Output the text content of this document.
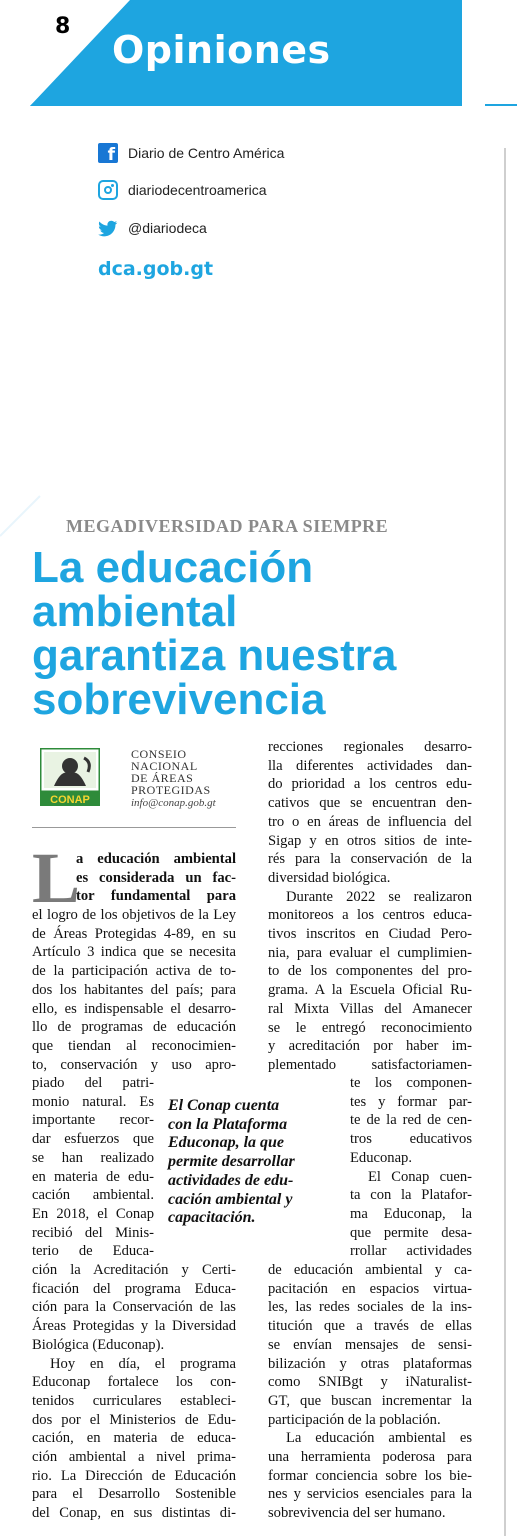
8
Opiniones
f
Diario de Centro América
diariodecentroamerica
@diariodeca
dca.gob.gt
MEGADIVERSIDAD PARA SIEMPRE
La educación
ambiental
garantiza nuestra
sobrevivencia
CONAP
CONSEIO
NACIONAL
DE ÁREAS
PROTEGIDAS
info@conap.gob.gt
L
a educación ambiental
es considerada un fac-
tor fundamental para
el logro de los objetivos de la Ley
de Áreas Protegidas 4-89, en su
Artículo 3 indica que se necesita
de la participación activa de to-
dos los habitantes del país; para
ello, es indispensable el desarro-
llo de programas de educación
que tiendan al reconocimien-
to, conservación y uso apro-
piado del patri-
monio natural. Es
importante recor-
dar esfuerzos que
se han realizado
en materia de edu-
cación ambiental.
En 2018, el Conap
recibió del Minis-
terio de Educa-
ción la Acreditación y Certi-
ficación del programa Educa-
ción para la Conservación de las
Áreas Protegidas y la Diversidad
Biológica (Educonap).
Hoy en día, el programa
Educonap fortalece los con-
tenidos curriculares estableci-
dos por el Ministerios de Edu-
cación, en materia de educa-
ción ambiental a nivel prima-
rio. La Dirección de Educación
para el Desarrollo Sostenible
del Conap, en sus distintas di-
recciones regionales desarro-
lla diferentes actividades dan-
do prioridad a los centros edu-
cativos que se encuentran den-
tro o en áreas de influencia del
Sigap y en otros sitios de inte-
rés para la conservación de la
diversidad biológica.
Durante 2022 se realizaron
monitoreos a los centros educa-
tivos inscritos en Ciudad Pero-
nia, para evaluar el cumplimien-
to de los componentes del pro-
grama. A la Escuela Oficial Ru-
ral Mixta Villas del Amanecer
se le entregó reconocimiento
y acreditación por haber im-
plementado satisfactoriamen-
te los componen-
tes y formar par-
te de la red de cen-
tros educativos
Educonap.
El Conap cuen-
ta con la Platafor-
ma Educonap, la
que permite desa-
rrollar actividades
de educación ambiental y ca-
pacitación en espacios virtua-
les, las redes sociales de la ins-
titución que a través de ellas
se envían mensajes de sensi-
bilización y otras plataformas
como SNIBgt y iNaturalist-
GT, que buscan incrementar la
participación de la población.
La educación ambiental es
una herramienta poderosa para
formar conciencia sobre los bie-
nes y servicios esenciales para la
sobrevivencia del ser humano.
El Conap cuenta
con la Plataforma
Educonap, la que
permite desarrollar
actividades de edu-
cación ambiental y
capacitación.
